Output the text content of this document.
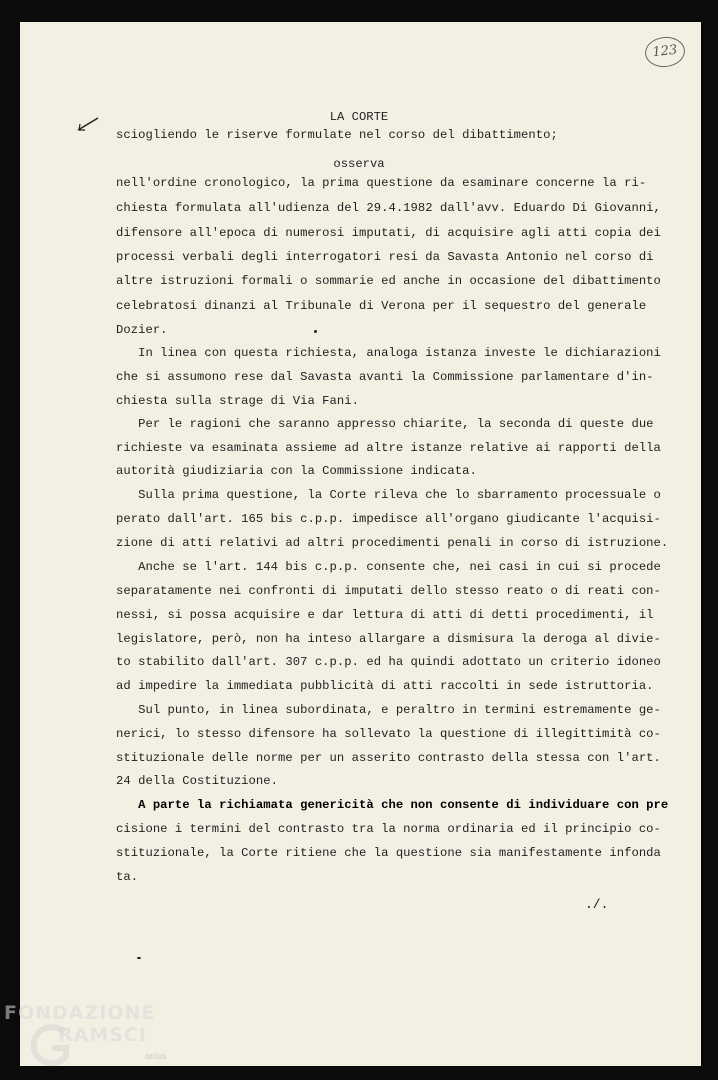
123
LA CORTE
osserva
sciogliendo le riserve formulate nel corso del dibattimento;
nell'ordine cronologico, la prima questione da esaminare concerne la ri-
chiesta formulata all'udienza del 29.4.1982 dall'avv. Eduardo Di Giovanni,
difensore all'epoca di numerosi imputati, di acquisire agli atti copia dei
processi verbali degli interrogatori resi da Savasta Antonio nel corso di
altre istruzioni formali o sommarie ed anche in occasione del dibattimento
celebratosi dinanzi al Tribunale di Verona per il sequestro del generale
Dozier.
In linea con questa richiesta, analoga istanza investe le dichiarazioni
che si assumono rese dal Savasta avanti la Commissione parlamentare d'in-
chiesta sulla strage di Via Fani.
Per le ragioni che saranno appresso chiarite, la seconda di queste due
richieste va esaminata assieme ad altre istanze relative ai rapporti della
autorità giudiziaria con la Commissione indicata.
Sulla prima questione, la Corte rileva che lo sbarramento processuale o
perato dall'art. 165 bis c.p.p. impedisce all'organo giudicante l'acquisi-
zione di atti relativi ad altri procedimenti penali in corso di istruzione.
Anche se l'art. 144 bis c.p.p. consente che, nei casi in cui si procede
separatamente nei confronti di imputati dello stesso reato o di reati con-
nessi, si possa acquisire e dar lettura di atti di detti procedimenti, il
legislatore, però, non ha inteso allargare a dismisura la deroga al divie-
to stabilito dall'art. 307 c.p.p. ed ha quindi adottato un criterio idoneo
ad impedire la immediata pubblicità di atti raccolti in sede istruttoria.
Sul punto, in linea subordinata, e peraltro in termini estremamente ge-
nerici, lo stesso difensore ha sollevato la questione di illegittimità co-
stituzionale delle norme per un asserito contrasto della stessa con l'art.
24 della Costituzione.
A parte la richiamata genericità che non consente di individuare con pre
cisione i termini del contrasto tra la norma ordinaria ed il principio co-
stituzionale, la Corte ritiene che la questione sia manifestamente infonda
ta.
./.
FONDAZIONE
RAMSCI
onlus
